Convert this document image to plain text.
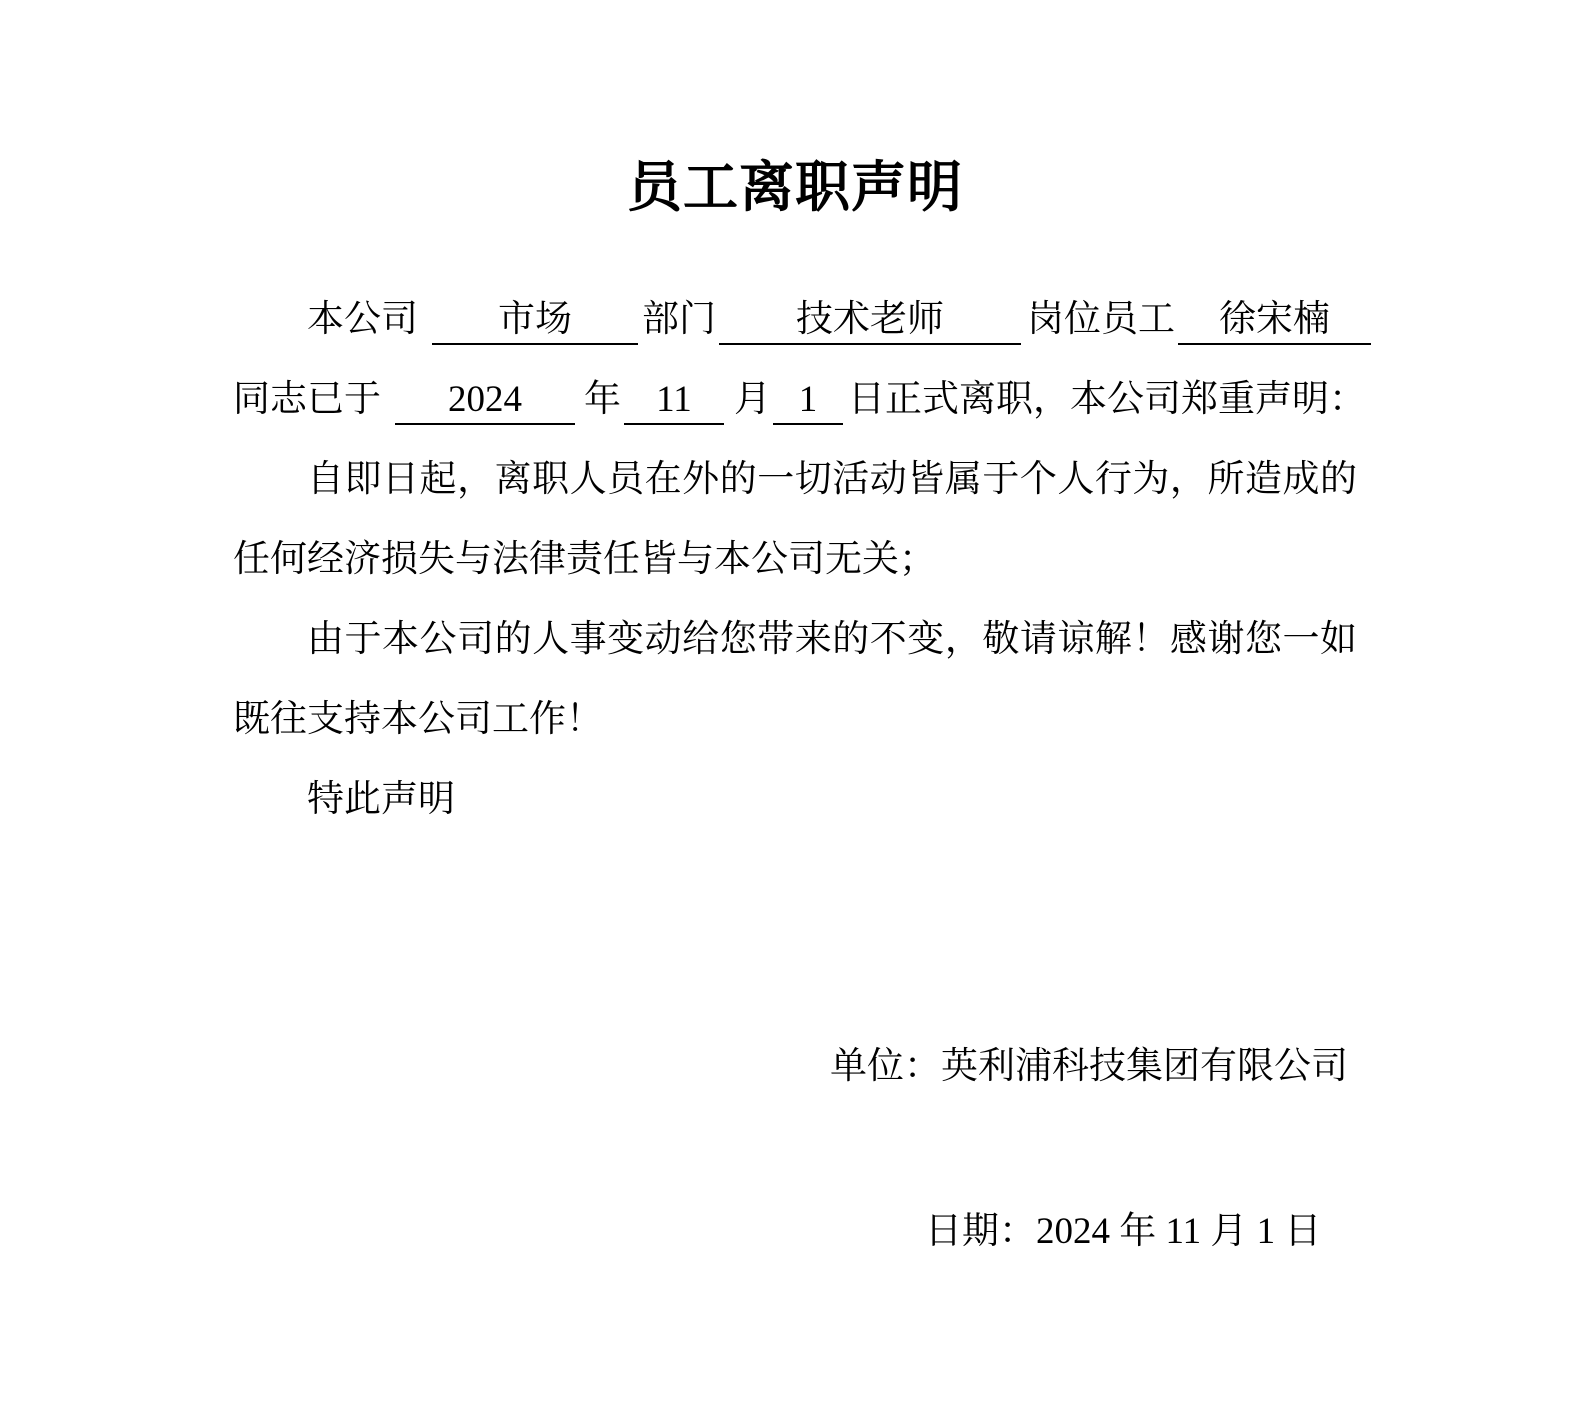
员工离职声明
本公司 市场 部门 技术老师 岗位员工 徐宋楠
同志已于 2024 年 11 月 1 日正式离职，本公司郑重声明：

自即日起，离职人员在外的一切活动皆属于个人行为，所造成的任何经济损失与法律责任皆与本公司无关；

由于本公司的人事变动给您带来的不变，敬请谅解！感谢您一如既往支持本公司工作！

特此声明

单位：英利浦科技集团有限公司
日期：2024 年 11 月 1 日
